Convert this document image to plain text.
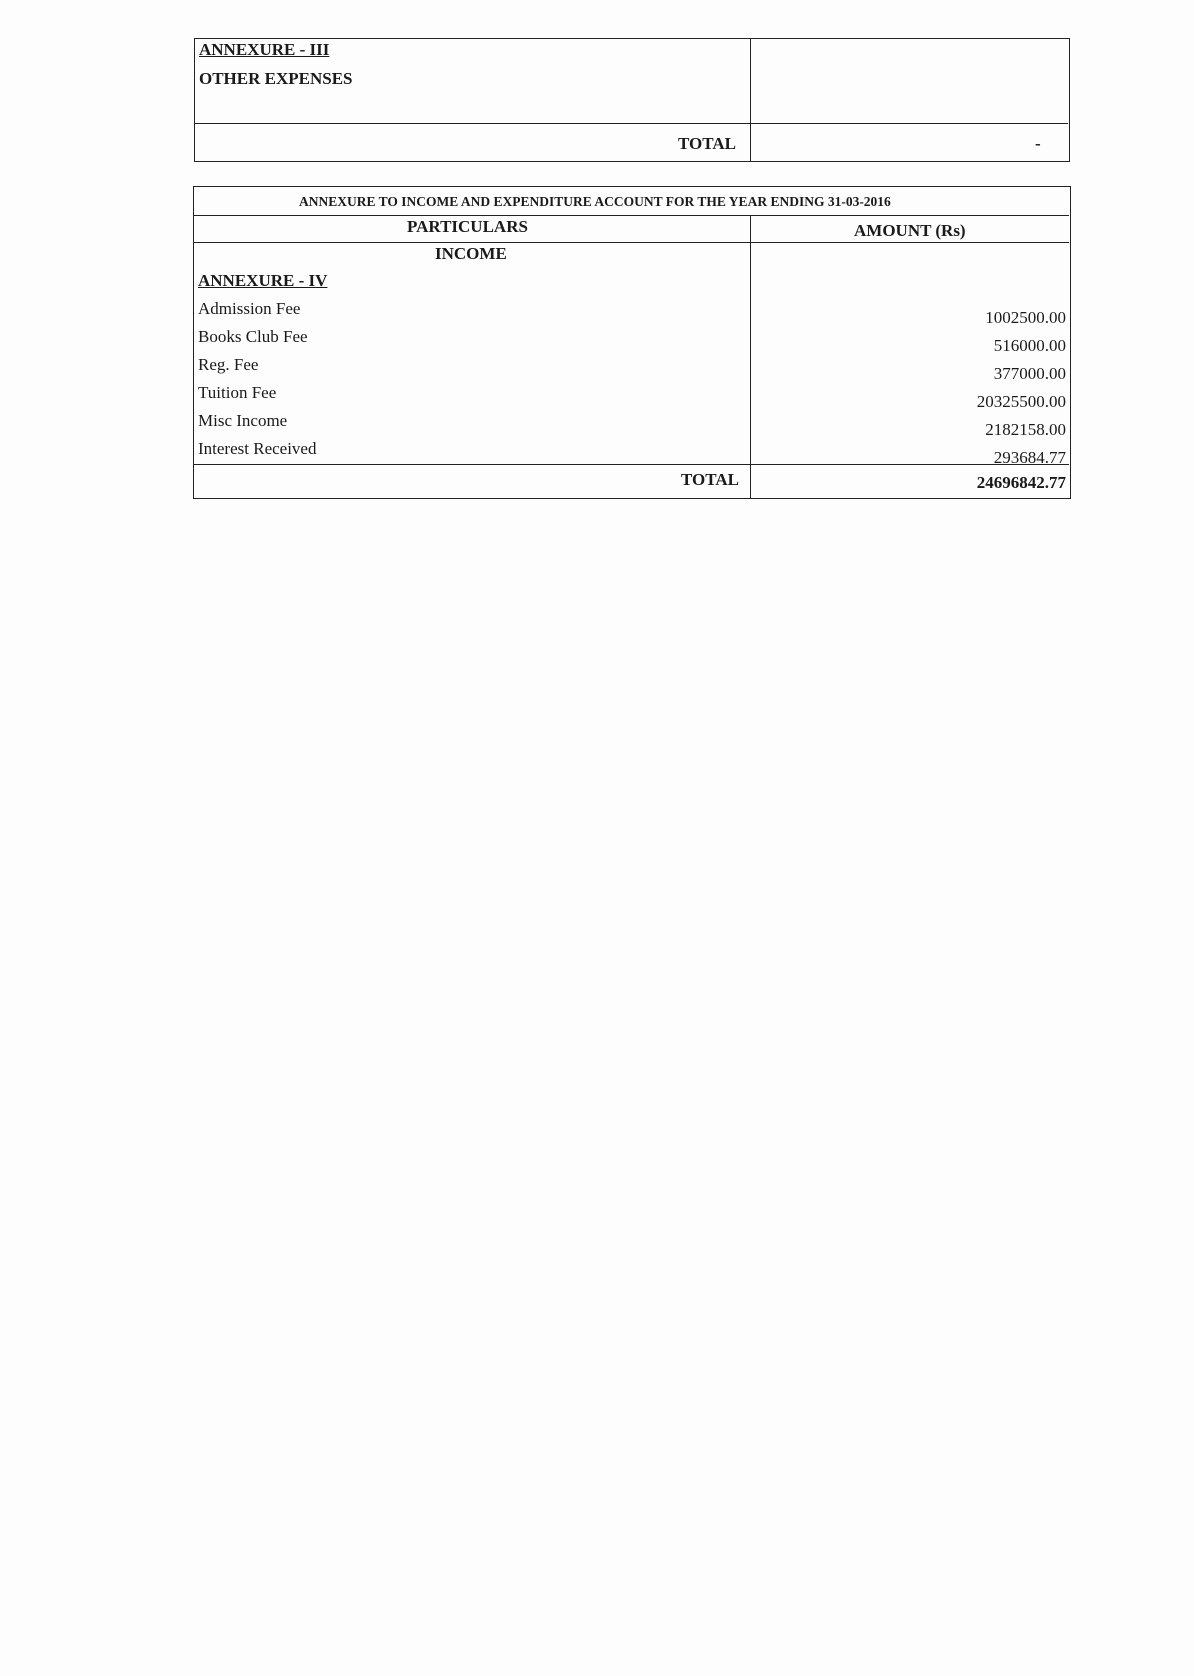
ANNEXURE - III
OTHER EXPENSES
TOTAL	-
ANNEXURE TO INCOME AND EXPENDITURE ACCOUNT FOR THE YEAR ENDING 31-03-2016
PARTICULARS	AMOUNT (Rs)
INCOME
ANNEXURE - IV
Admission Fee	1002500.00
Books Club Fee	516000.00
Reg. Fee	377000.00
Tuition Fee	20325500.00
Misc Income	2182158.00
Interest Received	293684.77
TOTAL	24696842.77
